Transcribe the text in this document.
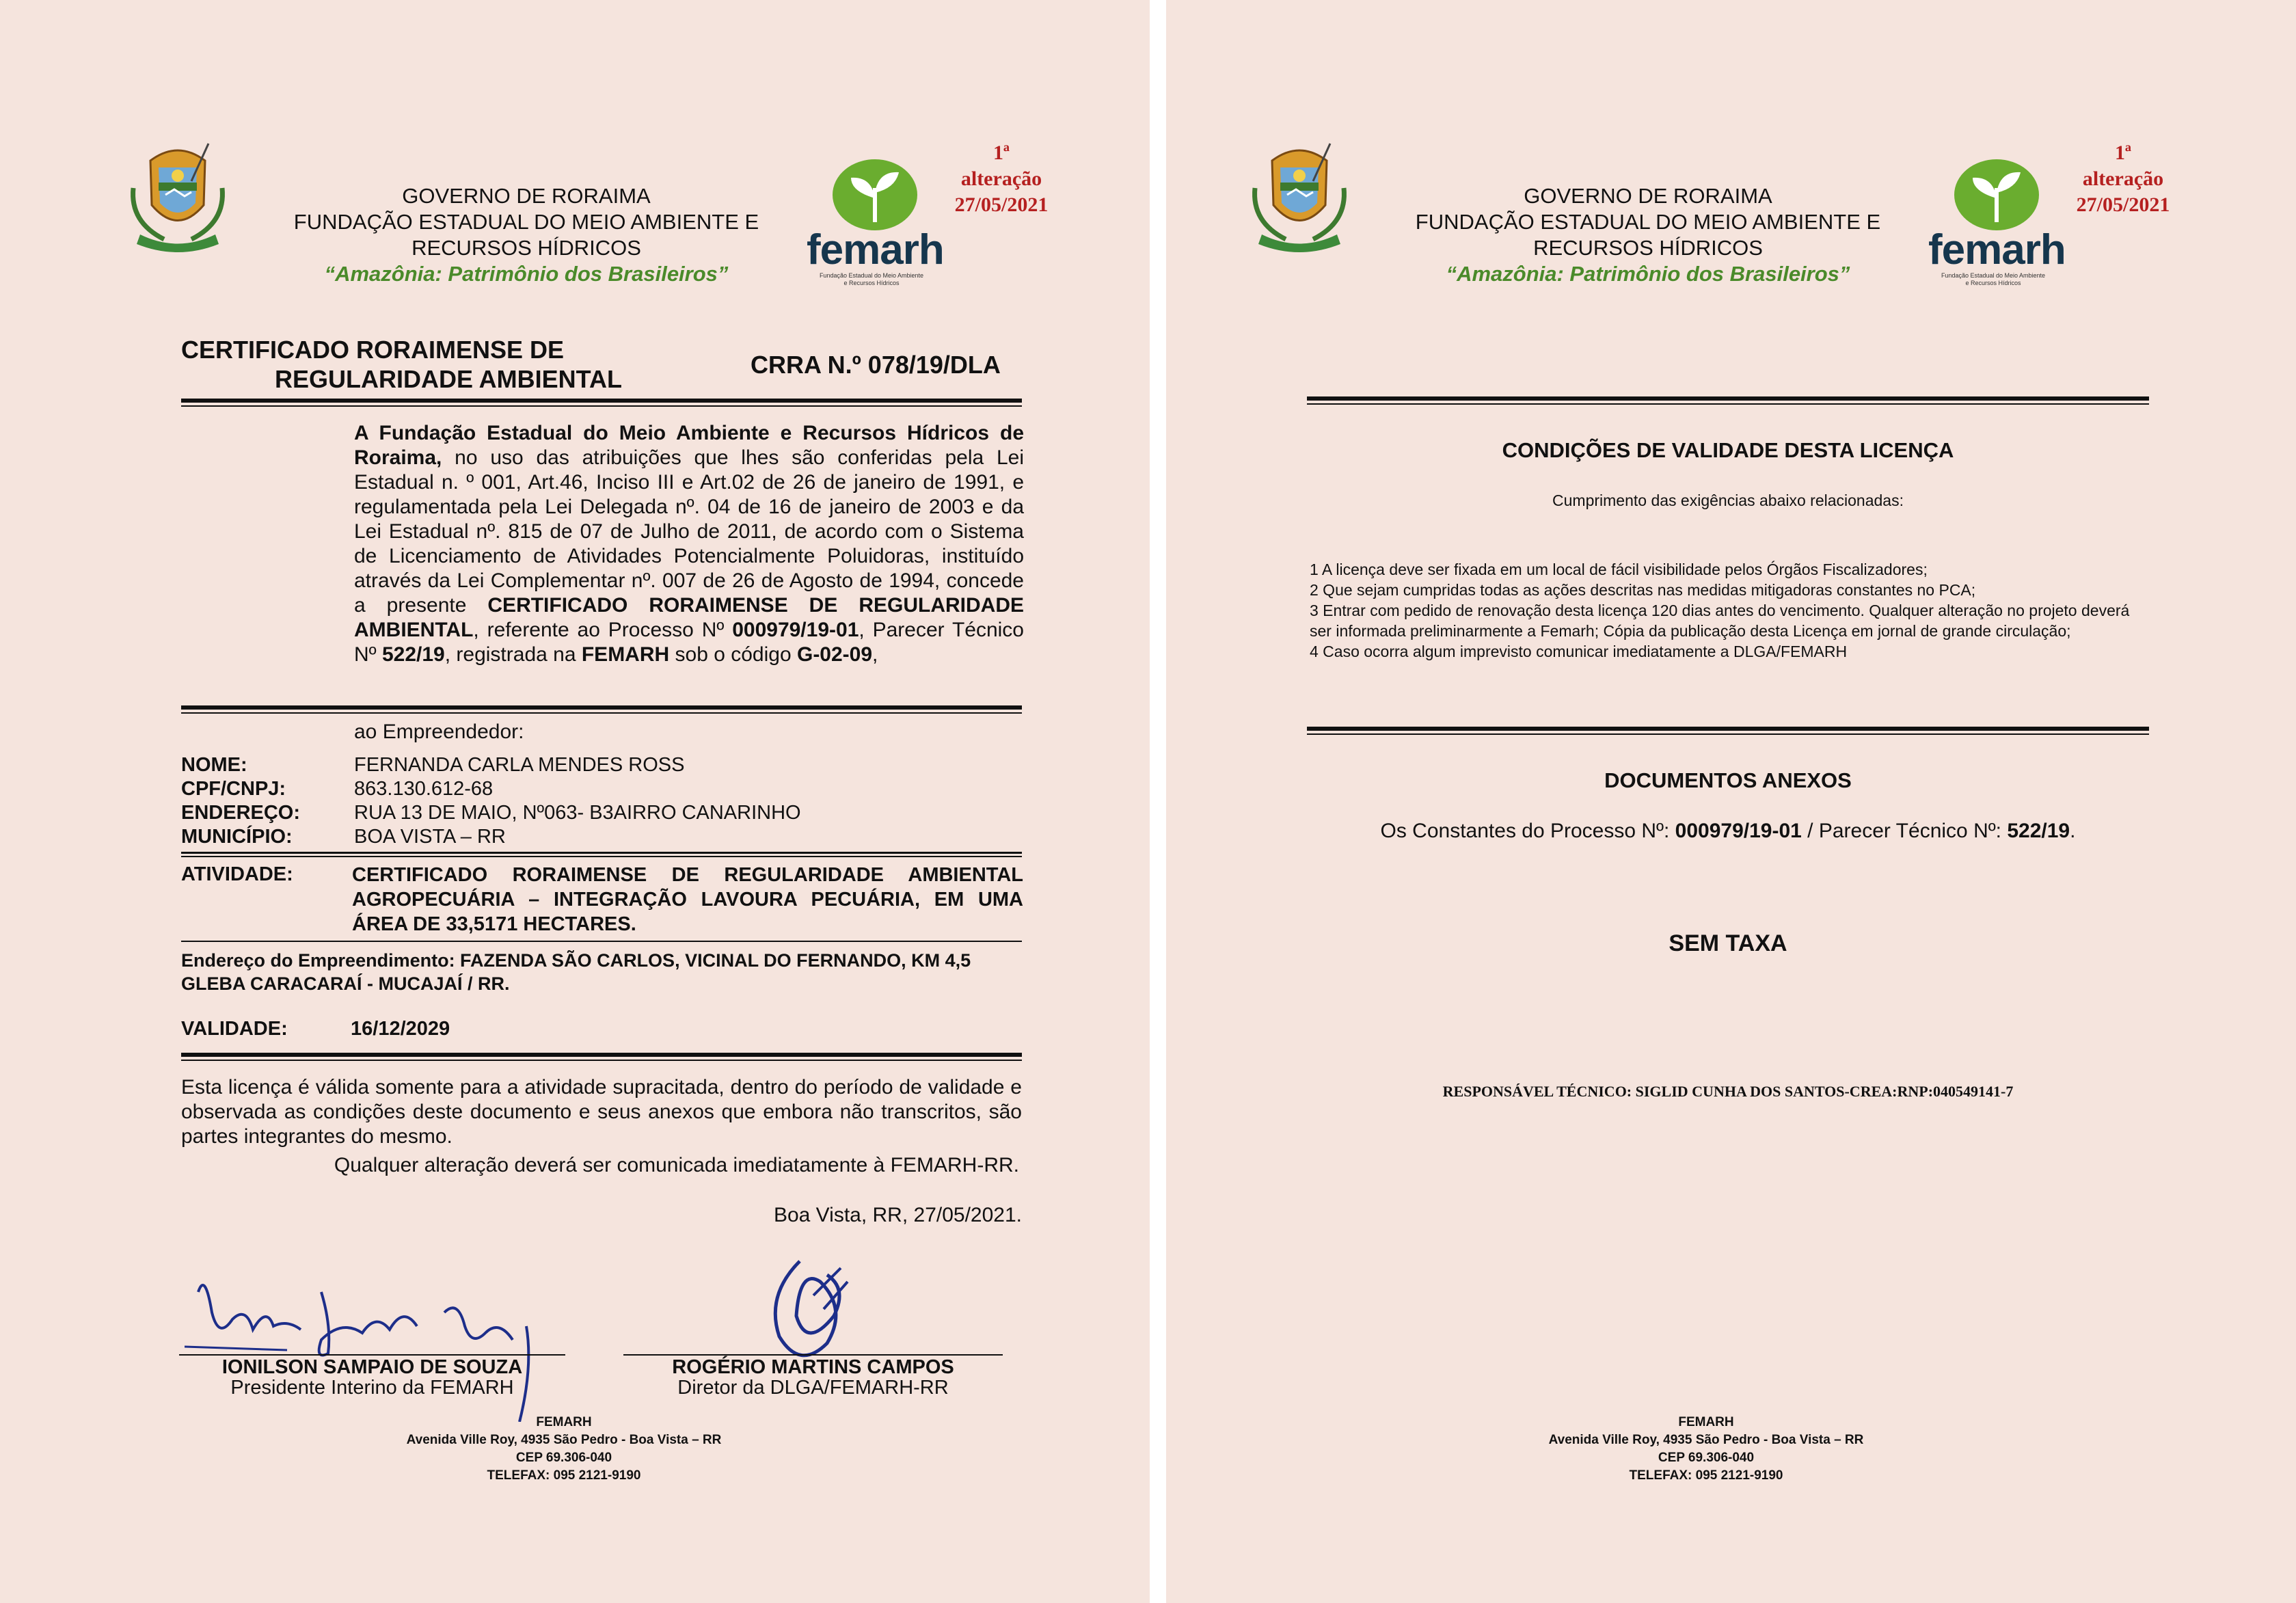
GOVERNO DE RORAIMA
FUNDAÇÃO ESTADUAL DO MEIO AMBIENTE E
RECURSOS HÍDRICOS
“Amazônia: Patrimônio dos Brasileiros”
femarh
Fundação Estadual do Meio Ambiente
e Recursos Hídricos
1ª
alteração
27/05/2021
CERTIFICADO RORAIMENSE DE
REGULARIDADE AMBIENTAL
CRRA N.º 078/19/DLA
A Fundação Estadual do Meio Ambiente e Recursos Hídricos de Roraima, no uso das atribuições que lhes são conferidas pela Lei Estadual n. º 001, Art.46, Inciso III e Art.02 de 26 de janeiro de 1991, e regulamentada pela Lei Delegada nº. 04 de 16 de janeiro de 2003 e da Lei Estadual nº. 815 de 07 de Julho de 2011, de acordo com o Sistema de Licenciamento de Atividades Potencialmente Poluidoras, instituído através da Lei Complementar nº. 007 de 26 de Agosto de 1994, concede a presente CERTIFICADO RORAIMENSE DE REGULARIDADE AMBIENTAL, referente ao Processo Nº 000979/19-01, Parecer Técnico Nº 522/19, registrada na FEMARH sob o código G-02-09,
ao Empreendedor:
NOME:	FERNANDA CARLA MENDES ROSS
CPF/CNPJ:	863.130.612-68
ENDEREÇO:	RUA 13 DE MAIO, Nº063- B3AIRRO CANARINHO
MUNICÍPIO:	BOA VISTA – RR
ATIVIDADE:	CERTIFICADO RORAIMENSE DE REGULARIDADE AMBIENTAL AGROPECUÁRIA – INTEGRAÇÃO LAVOURA PECUÁRIA, EM UMA ÁREA DE 33,5171 HECTARES.
Endereço do Empreendimento: FAZENDA SÃO CARLOS, VICINAL DO FERNANDO, KM 4,5 GLEBA CARACARAÍ - MUCAJAÍ / RR.
VALIDADE:	16/12/2029
Esta licença é válida somente para a atividade supracitada, dentro do período de validade e observada as condições deste documento e seus anexos que embora não transcritos, são partes integrantes do mesmo.
Qualquer alteração deverá ser comunicada imediatamente à FEMARH-RR.
Boa Vista, RR, 27/05/2021.
IONILSON SAMPAIO DE SOUZA
Presidente Interino da FEMARH
ROGÉRIO MARTINS CAMPOS
Diretor da DLGA/FEMARH-RR
FEMARH
Avenida Ville Roy, 4935 São Pedro - Boa Vista – RR
CEP 69.306-040
TELEFAX: 095 2121-9190
GOVERNO DE RORAIMA
FUNDAÇÃO ESTADUAL DO MEIO AMBIENTE E
RECURSOS HÍDRICOS
“Amazônia: Patrimônio dos Brasileiros”
femarh
Fundação Estadual do Meio Ambiente
e Recursos Hídricos
1ª
alteração
27/05/2021
CONDIÇÕES DE VALIDADE DESTA LICENÇA
Cumprimento das exigências abaixo relacionadas:
1 A licença deve ser fixada em um local de fácil visibilidade pelos Órgãos Fiscalizadores;
2 Que sejam cumpridas todas as ações descritas nas medidas mitigadoras constantes no PCA;
3 Entrar com pedido de renovação desta licença 120 dias antes do vencimento. Qualquer alteração no projeto deverá ser informada preliminarmente a Femarh; Cópia da publicação desta Licença em jornal de grande circulação;
4 Caso ocorra algum imprevisto comunicar imediatamente a DLGA/FEMARH
DOCUMENTOS ANEXOS
Os Constantes do Processo Nº: 000979/19-01 / Parecer Técnico Nº: 522/19.
SEM TAXA
RESPONSÁVEL TÉCNICO: SIGLID CUNHA DOS SANTOS-CREA:RNP:040549141-7
FEMARH
Avenida Ville Roy, 4935 São Pedro - Boa Vista – RR
CEP 69.306-040
TELEFAX: 095 2121-9190
